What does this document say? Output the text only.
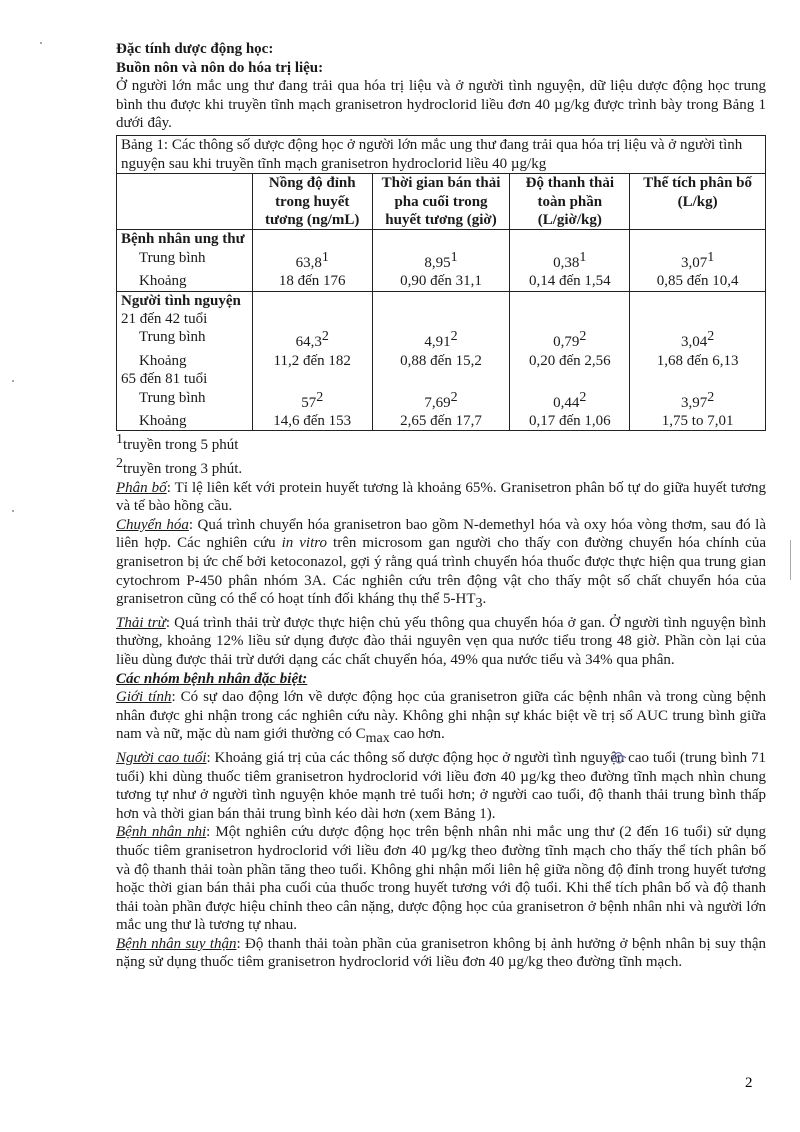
Đặc tính dược động học:

Buồn nôn và nôn do hóa trị liệu:

Ở người lớn mắc ung thư đang trải qua hóa trị liệu và ở người tình nguyện, dữ liệu dược động học trung bình thu được khi truyền tĩnh mạch granisetron hydroclorid liều đơn 40 µg/kg được trình bày trong Bảng 1 dưới đây.

Bảng 1: Các thông số dược động học ở người lớn mắc ung thư đang trải qua hóa trị liệu và ở người tình nguyện sau khi truyền tĩnh mạch granisetron hydroclorid liều 40 µg/kg
	Nồng độ đỉnh trong huyết tương (ng/mL)	Thời gian bán thải pha cuối trong huyết tương (giờ)	Độ thanh thải toàn phần (L/giờ/kg)	Thể tích phân bố (L/kg)
Bệnh nhân ung thư				
Trung bình	63,8$^1$	8,95$^1$	0,38$^1$	3,07$^1$
Khoảng	18 đến 176	0,90 đến 31,1	0,14 đến 1,54	0,85 đến 10,4
Người tình nguyện				
21 đến 42 tuổi				
Trung bình	64,3$^2$	4,91$^2$	0,79$^2$	3,04$^2$
Khoảng	11,2 đến 182	0,88 đến 15,2	0,20 đến 2,56	1,68 đến 6,13
65 đến 81 tuổi				
Trung bình	$57^2$	7,69$^2$	0,44$^2$	3,97$^2$
Khoảng	14,6 đến 153	2,65 đến 17,7	0,17 đến 1,06	1,75 to 7,01

$^1$truyền trong 5 phút

$^2$truyền trong 3 phút.

Phân bố: Tỉ lệ liên kết với protein huyết tương là khoảng 65%. Granisetron phân bố tự do giữa huyết tương và tế bào hồng cầu.

Chuyển hóa: Quá trình chuyển hóa granisetron bao gồm N-demethyl hóa và oxy hóa vòng thơm, sau đó là liên hợp. Các nghiên cứu in vitro trên microsom gan người cho thấy con đường chuyển hóa chính của granisetron bị ức chế bởi ketoconazol, gợi ý rằng quá trình chuyển hóa thuốc được thực hiện qua trung gian cytochrom P-450 phân nhóm 3A. Các nghiên cứu trên động vật cho thấy một số chất chuyển hóa của granisetron cũng có thể có hoạt tính đối kháng thụ thể $5-HT_3$.

Thải trừ: Quá trình thải trừ được thực hiện chủ yếu thông qua chuyển hóa ở gan. Ở người tình nguyện bình thường, khoảng 12% liều sử dụng được đào thải nguyên vẹn qua nước tiểu trong 48 giờ. Phần còn lại của liều dùng được thải trừ dưới dạng các chất chuyển hóa, 49% qua nước tiểu và 34% qua phân.

Các nhóm bệnh nhân đặc biệt:

Giới tính: Có sự dao động lớn về dược động học của granisetron giữa các bệnh nhân và trong cùng bệnh nhân được ghi nhận trong các nghiên cứu này. Không ghi nhận sự khác biệt về trị số AUC trung bình giữa nam và nữ, mặc dù nam giới thường có $C_{max}$ cao hơn.

Người cao tuổi: Khoảng giá trị của các thông số dược động học ở người tình nguyện cao tuổi (trung bình 71 tuổi) khi dùng thuốc tiêm granisetron hydroclorid với liều đơn 40 µg/kg theo đường tĩnh mạch nhìn chung tương tự như ở người tình nguyện khỏe mạnh trẻ tuổi hơn; ở người cao tuổi, độ thanh thải trung bình thấp hơn và thời gian bán thải trung bình kéo dài hơn (xem Bảng 1).

Bệnh nhân nhi: Một nghiên cứu dược động học trên bệnh nhân nhi mắc ung thư (2 đến 16 tuổi) sử dụng thuốc tiêm granisetron hydroclorid với liều đơn 40 µg/kg theo đường tĩnh mạch cho thấy thể tích phân bố và độ thanh thải toàn phần tăng theo tuổi. Không ghi nhận mối liên hệ giữa nồng độ đỉnh trong huyết tương hoặc thời gian bán thải pha cuối của thuốc trong huyết tương với độ tuổi. Khi thể tích phân bố và độ thanh thải toàn phần được hiệu chỉnh theo cân nặng, dược động học của granisetron ở bệnh nhân nhi và người lớn mắc ung thư là tương tự nhau.

Bệnh nhân suy thận: Độ thanh thải toàn phần của granisetron không bị ảnh hưởng ở bệnh nhân bị suy thận nặng sử dụng thuốc tiêm granisetron hydroclorid với liều đơn 40 µg/kg theo đường tĩnh mạch.

2
